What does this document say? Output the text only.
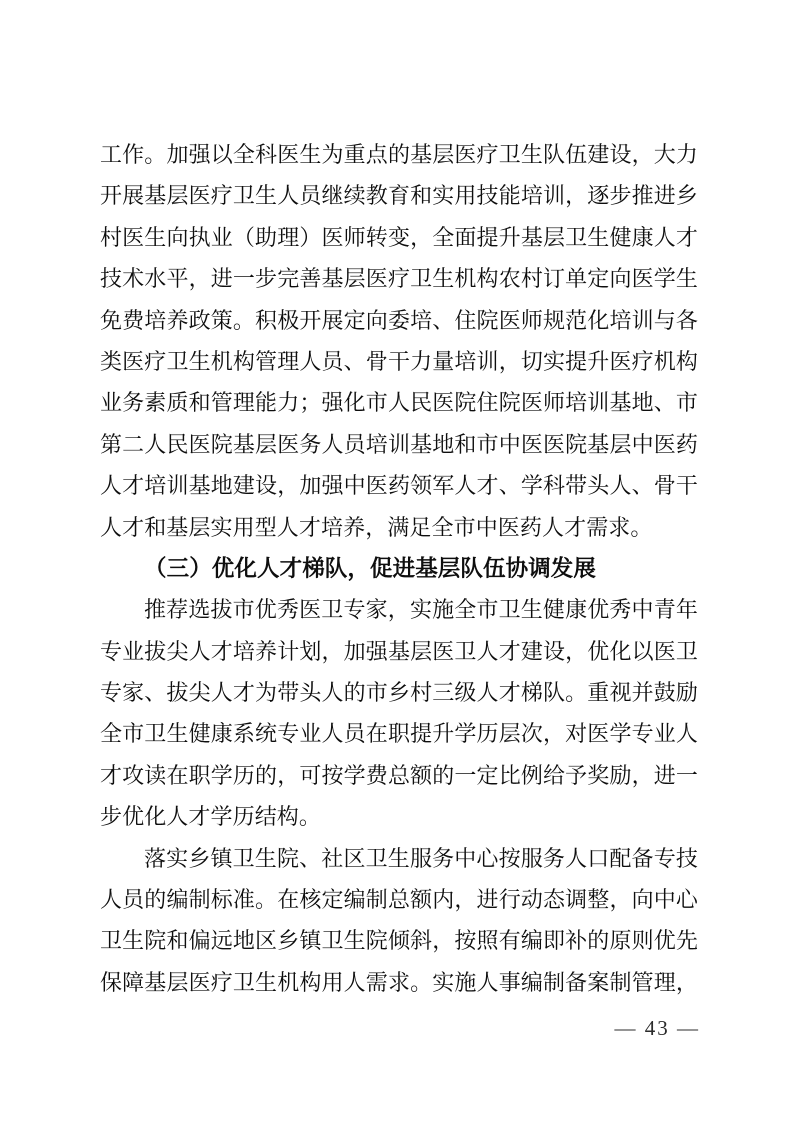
工作。加强以全科医生为重点的基层医疗卫生队伍建设，大力
开展基层医疗卫生人员继续教育和实用技能培训，逐步推进乡
村医生向执业（助理）医师转变，全面提升基层卫生健康人才
技术水平，进一步完善基层医疗卫生机构农村订单定向医学生
免费培养政策。积极开展定向委培、住院医师规范化培训与各
类医疗卫生机构管理人员、骨干力量培训，切实提升医疗机构
业务素质和管理能力；强化市人民医院住院医师培训基地、市
第二人民医院基层医务人员培训基地和市中医医院基层中医药
人才培训基地建设，加强中医药领军人才、学科带头人、骨干
人才和基层实用型人才培养，满足全市中医药人才需求。
（三）优化人才梯队，促进基层队伍协调发展
推荐选拔市优秀医卫专家，实施全市卫生健康优秀中青年
专业拔尖人才培养计划，加强基层医卫人才建设，优化以医卫
专家、拔尖人才为带头人的市乡村三级人才梯队。重视并鼓励
全市卫生健康系统专业人员在职提升学历层次，对医学专业人
才攻读在职学历的，可按学费总额的一定比例给予奖励，进一
步优化人才学历结构。
落实乡镇卫生院、社区卫生服务中心按服务人口配备专技
人员的编制标准。在核定编制总额内，进行动态调整，向中心
卫生院和偏远地区乡镇卫生院倾斜，按照有编即补的原则优先
保障基层医疗卫生机构用人需求。实施人事编制备案制管理，
— 43 —
